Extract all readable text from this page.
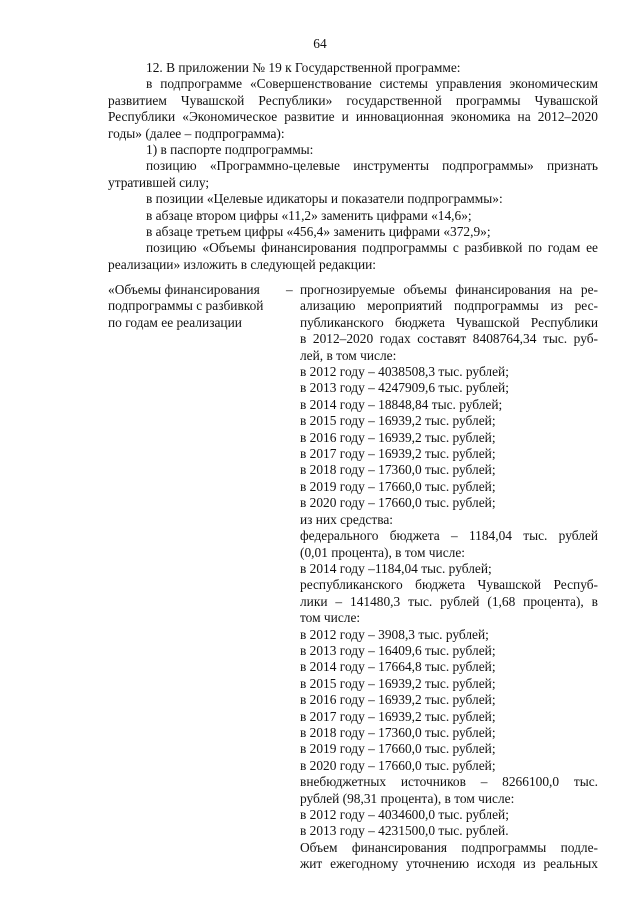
64

12. В приложении № 19 к Государственной программе:

в подпрограмме «Совершенствование системы управления экономическим развитием Чувашской Республики» государственной программы Чувашской Республики «Экономическое развитие и инновационная экономика на 2012–2020 годы» (далее – подпрограмма):

1) в паспорте подпрограммы:

позицию «Программно-целевые инструменты подпрограммы» признать утратившей силу;

в позиции «Целевые идикаторы и показатели подпрограммы»:

в абзаце втором цифры «11,2» заменить цифрами «14,6»;

в абзаце третьем цифры «456,4» заменить цифрами «372,9»;

позицию «Объемы финансирования подпрограммы с разбивкой по годам ее реализации» изложить в следующей редакции:

«Объемы финансирования подпрограммы с разбивкой по годам ее реализации
– прогнозируемые объемы финансирования на ре-
ализацию мероприятий подпрограммы из рес-
публиканского бюджета Чувашской Республики
в 2012–2020 годах составят 8408764,34 тыс. руб-
лей, в том числе:
в 2012 году – 4038508,3 тыс. рублей;
в 2013 году – 4247909,6 тыс. рублей;
в 2014 году – 18848,84 тыс. рублей;
в 2015 году – 16939,2 тыс. рублей;
в 2016 году – 16939,2 тыс. рублей;
в 2017 году – 16939,2 тыс. рублей;
в 2018 году – 17360,0 тыс. рублей;
в 2019 году – 17660,0 тыс. рублей;
в 2020 году – 17660,0 тыс. рублей;
из них средства:
федерального бюджета – 1184,04 тыс. рублей
(0,01 процента), в том числе:
в 2014 году –1184,04 тыс. рублей;
республиканского бюджета Чувашской Респуб-
лики – 141480,3 тыс. рублей (1,68 процента), в
том числе:
в 2012 году – 3908,3 тыс. рублей;
в 2013 году – 16409,6 тыс. рублей;
в 2014 году – 17664,8 тыс. рублей;
в 2015 году – 16939,2 тыс. рублей;
в 2016 году – 16939,2 тыс. рублей;
в 2017 году – 16939,2 тыс. рублей;
в 2018 году – 17360,0 тыс. рублей;
в 2019 году – 17660,0 тыс. рублей;
в 2020 году – 17660,0 тыс. рублей;
внебюджетных источников – 8266100,0 тыс.
рублей (98,31 процента), в том числе:
в 2012 году – 4034600,0 тыс. рублей;
в 2013 году – 4231500,0 тыс. рублей.
Объем финансирования подпрограммы подле-
жит ежегодному уточнению исходя из реальных
